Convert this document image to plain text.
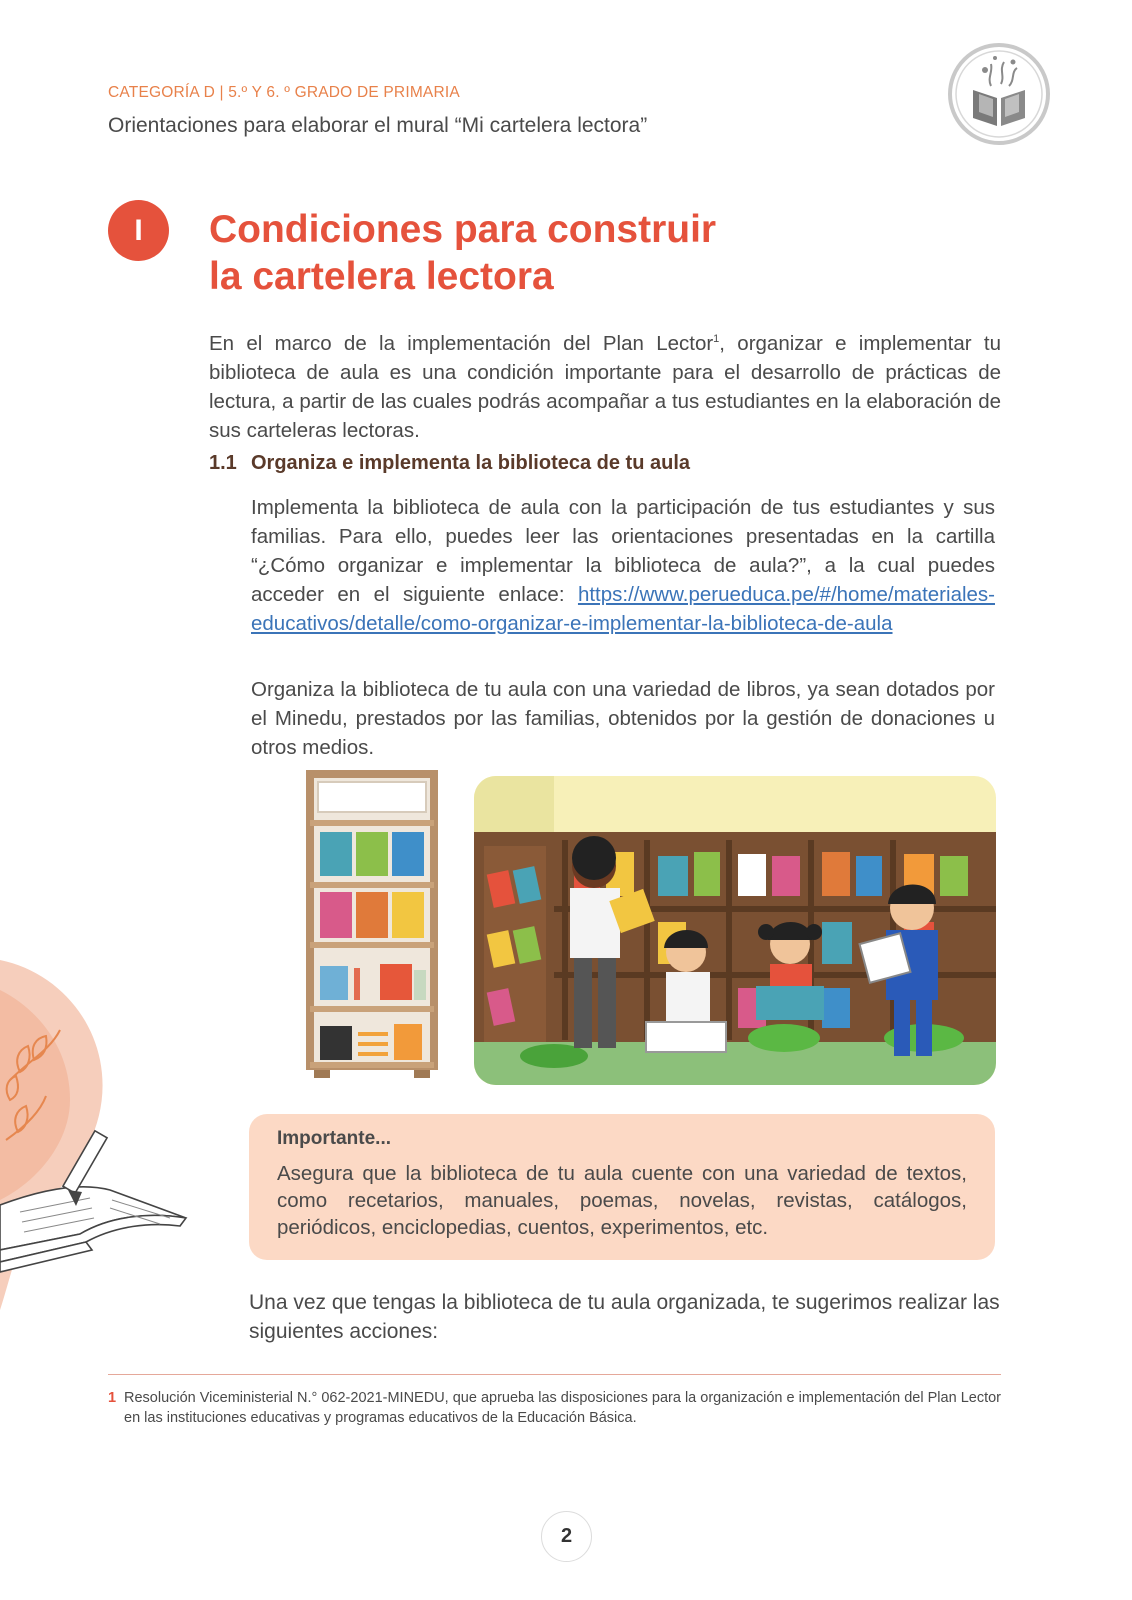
CATEGORÍA D | 5.º Y 6. º GRADO DE PRIMARIA
Orientaciones para elaborar el mural “Mi cartelera lectora”
I	Condiciones para construir
la cartelera lectora

En el marco de la implementación del Plan Lector$^1$, organizar e implementar tu biblioteca de aula es una condición importante para el desarrollo de prácticas de lectura, a partir de las cuales podrás acompañar a tus estudiantes en la elaboración de sus carteleras lectoras.

1.1 Organiza e implementa la biblioteca de tu aula

Implementa la biblioteca de aula con la participación de tus estudiantes y sus familias. Para ello, puedes leer las orientaciones presentadas en la cartilla “¿Cómo organizar e implementar la biblioteca de aula?”, a la cual puedes acceder en el siguiente enlace: https://www.perueduca.pe/#/home/materiales-educativos/detalle/como-organizar-e-implementar-la-biblioteca-de-aula

Organiza la biblioteca de tu aula con una variedad de libros, ya sean dotados por el Minedu, prestados por las familias, obtenidos por la gestión de donaciones u otros medios.

Importante...

Asegura que la biblioteca de tu aula cuente con una variedad de textos, como recetarios, manuales, poemas, novelas, revistas, catálogos, periódicos, enciclopedias, cuentos, experimentos, etc.

Una vez que tengas la biblioteca de tu aula organizada, te sugerimos realizar las siguientes acciones:

1 Resolución Viceministerial N.° 062-2021-MINEDU, que aprueba las disposiciones para la organización e implementación del Plan Lector en las instituciones educativas y programas educativos de la Educación Básica.
2
